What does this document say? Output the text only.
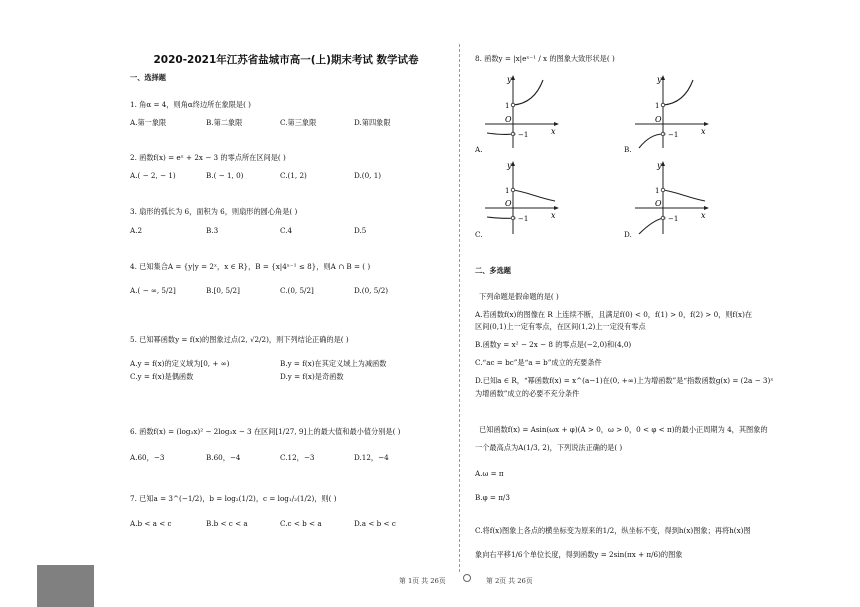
2020-2021年江苏省盐城市高一(上)期末考试 数学试卷
一、选择题
1. 角α = 4，则角α终边所在象限是( )
A.第一象限	B.第二象限	C.第三象限	D.第四象限
2. 函数f(x) = eˣ + 2x − 3 的零点所在区间是( )
A.( − 2, − 1)	B.( − 1, 0)	C.(1, 2)	D.(0, 1)
3. 扇形的弧长为 6，面积为 6，则扇形的圆心角是( )
A.2	B.3	C.4	D.5
4. 已知集合A = {y|y = 2ˣ，x ∈ R}，B = {x|4ˣ⁻¹ ≤ 8}，则A ∩ B = ( )
A.( − ∞, 5/2]	B.[0, 5/2]	C.(0, 5/2]	D.(0, 5/2)
5. 已知幂函数y = f(x)的图象过点(2, √2/2)，则下列结论正确的是( )
A.y = f(x)的定义域为[0, + ∞)	B.y = f(x)在其定义域上为减函数
C.y = f(x)是偶函数	D.y = f(x)是奇函数
6. 函数f(x) = (log₃x)² − 2log₃x − 3 在区间[1/27, 9]上的最大值和最小值分别是( )
A.60，−3	B.60，−4	C.12，−3	D.12，−4
7. 已知a = 3^(−1/2)，b = log₂(1/2)，c = log₁/₂(1/2)，则( )
A.b < a < c	B.b < c < a	C.c < b < a	D.a < b < c
8. 函数y = |x|eˣ⁻¹ / x 的图象大致形状是( )
y
1
O
−1	x
A.
y
1
O
−1	x
B.
y
1
O
−1	x
C.
y
1
O
−1	x
D.
二、多选题
下列命题是假命题的是( )
A.若函数f(x)的图像在 R 上连续不断，且满足f(0) < 0，f(1) > 0，f(2) > 0，则f(x)在
区间(0,1)上一定有零点，在区间(1,2)上一定没有零点
B.函数y = x² − 2x − 8 的零点是(−2,0)和(4,0)
C.“ac = bc”是“a = b”成立的充要条件
D.已知a ∈ R，“幂函数f(x) = x^(a−1)在(0, +∞)上为增函数”是“指数函数g(x) = (2a − 3)ˣ
为增函数”成立的必要不充分条件
已知函数f(x) = Asin(ωx + φ)(A > 0，ω > 0，0 < φ < π)的最小正周期为 4，其图象的
一个最高点为A(1/3, 2)，下列说法正确的是( )
A.ω = π
B.φ = π/3
C.将f(x)图象上各点的横坐标变为原来的1/2，纵坐标不变，得到h(x)图象；再将h(x)图
象向右平移1/6个单位长度，得到函数y = 2sin(πx + π/6)的图象
第 1页 共 26页	第 2页 共 26页
